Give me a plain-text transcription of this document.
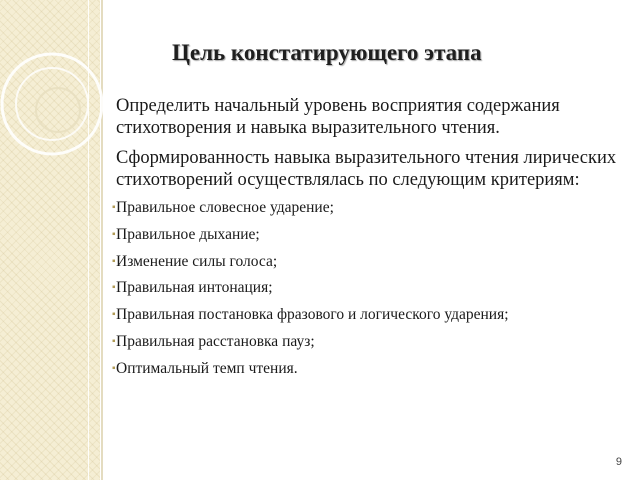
Цель констатирующего этапа

Определить начальный уровень восприятия содержания стихотворения и навыка выразительного чтения.

Сформированность навыка выразительного чтения лирических стихотворений осуществлялась по следующим критериям:

▪ Правильное словесное ударение;
▪ Правильное дыхание;
▪ Изменение силы голоса;
▪ Правильная интонация;
▪ Правильная постановка фразового и логического ударения;
▪ Правильная расстановка пауз;
▪ Оптимальный темп чтения.
9
